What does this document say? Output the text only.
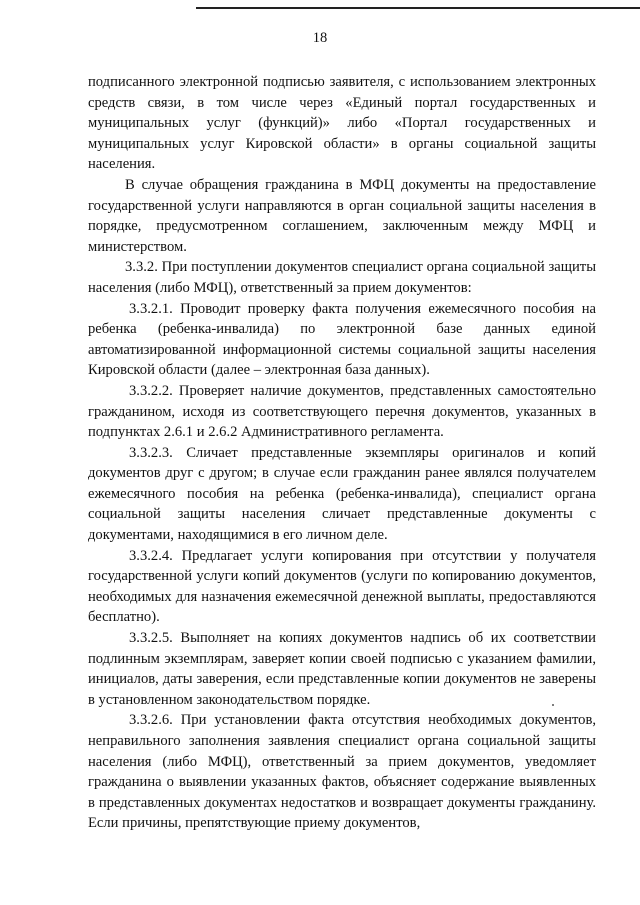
18

подписанного электронной подписью заявителя, с использованием электронных средств связи, в том числе через «Единый портал государственных и муниципальных услуг (функций)» либо «Портал государственных и муниципальных услуг Кировской области» в органы социальной защиты населения.

В случае обращения гражданина в МФЦ документы на предоставление государственной услуги направляются в орган социальной защиты населения в порядке, предусмотренном соглашением, заключенным между МФЦ и министерством.

3.3.2. При поступлении документов специалист органа социальной защиты населения (либо МФЦ), ответственный за прием документов:

3.3.2.1. Проводит проверку факта получения ежемесячного пособия на ребенка (ребенка-инвалида) по электронной базе данных единой автоматизированной информационной системы социальной защиты населения Кировской области (далее – электронная база данных).

3.3.2.2. Проверяет наличие документов, представленных самостоятельно гражданином, исходя из соответствующего перечня документов, указанных в подпунктах 2.6.1 и 2.6.2 Административного регламента.

3.3.2.3. Сличает представленные экземпляры оригиналов и копий документов друг с другом; в случае если гражданин ранее являлся получателем ежемесячного пособия на ребенка (ребенка-инвалида), специалист органа социальной защиты населения сличает представленные документы с документами, находящимися в его личном деле.

3.3.2.4. Предлагает услуги копирования при отсутствии у получателя государственной услуги копий документов (услуги по копированию документов, необходимых для назначения ежемесячной денежной выплаты, предоставляются бесплатно).

3.3.2.5. Выполняет на копиях документов надпись об их соответствии подлинным экземплярам, заверяет копии своей подписью с указанием фамилии, инициалов, даты заверения, если представленные копии документов не заверены в установленном законодательством порядке.

3.3.2.6. При установлении факта отсутствия необходимых документов, неправильного заполнения заявления специалист органа социальной защиты населения (либо МФЦ), ответственный за прием документов, уведомляет гражданина о выявлении указанных фактов, объясняет содержание выявленных в представленных документах недостатков и возвращает документы гражданину. Если причины, препятствующие приему документов,
